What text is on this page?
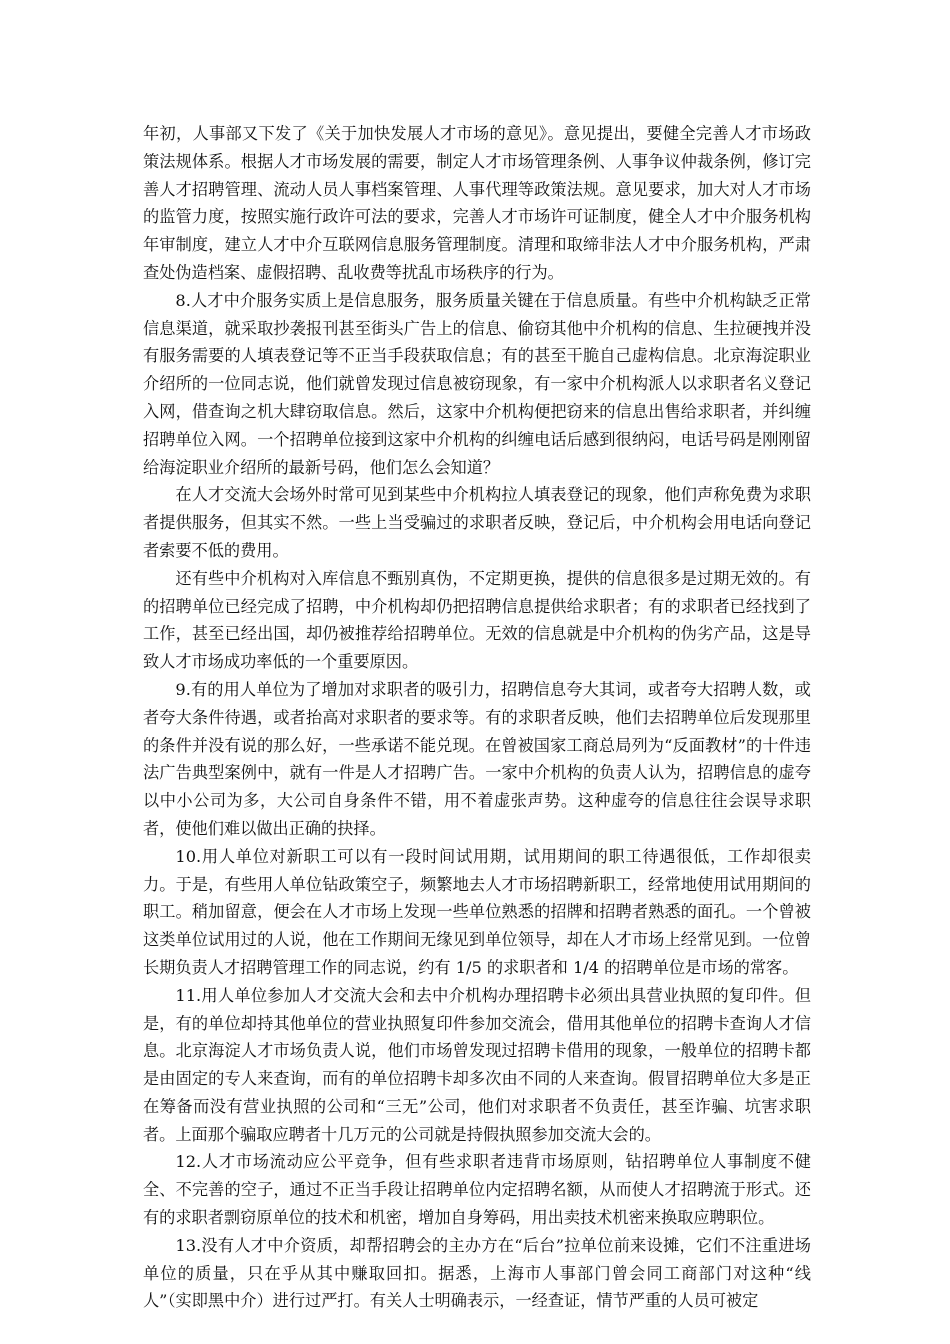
年初，人事部又下发了《关于加快发展人才市场的意见》。意见提出，要健全完善人才市场政策法规体系。根据人才市场发展的需要，制定人才市场管理条例、人事争议仲裁条例，修订完善人才招聘管理、流动人员人事档案管理、人事代理等政策法规。意见要求，加大对人才市场的监管力度，按照实施行政许可法的要求，完善人才市场许可证制度，健全人才中介服务机构年审制度，建立人才中介互联网信息服务管理制度。清理和取缔非法人才中介服务机构，严肃查处伪造档案、虚假招聘、乱收费等扰乱市场秩序的行为。

8.人才中介服务实质上是信息服务，服务质量关键在于信息质量。有些中介机构缺乏正常信息渠道，就采取抄袭报刊甚至街头广告上的信息、偷窃其他中介机构的信息、生拉硬拽并没有服务需要的人填表登记等不正当手段获取信息；有的甚至干脆自己虚构信息。北京海淀职业介绍所的一位同志说，他们就曾发现过信息被窃现象，有一家中介机构派人以求职者名义登记入网，借查询之机大肆窃取信息。然后，这家中介机构便把窃来的信息出售给求职者，并纠缠招聘单位入网。一个招聘单位接到这家中介机构的纠缠电话后感到很纳闷，电话号码是刚刚留给海淀职业介绍所的最新号码，他们怎么会知道？

在人才交流大会场外时常可见到某些中介机构拉人填表登记的现象，他们声称免费为求职者提供服务，但其实不然。一些上当受骗过的求职者反映，登记后，中介机构会用电话向登记者索要不低的费用。

还有些中介机构对入库信息不甄别真伪，不定期更换，提供的信息很多是过期无效的。有的招聘单位已经完成了招聘，中介机构却仍把招聘信息提供给求职者；有的求职者已经找到了工作，甚至已经出国，却仍被推荐给招聘单位。无效的信息就是中介机构的伪劣产品，这是导致人才市场成功率低的一个重要原因。

9.有的用人单位为了增加对求职者的吸引力，招聘信息夸大其词，或者夸大招聘人数，或者夸大条件待遇，或者抬高对求职者的要求等。有的求职者反映，他们去招聘单位后发现那里的条件并没有说的那么好，一些承诺不能兑现。在曾被国家工商总局列为“反面教材”的十件违法广告典型案例中，就有一件是人才招聘广告。一家中介机构的负责人认为，招聘信息的虚夸以中小公司为多，大公司自身条件不错，用不着虚张声势。这种虚夸的信息往往会误导求职者，使他们难以做出正确的抉择。

10.用人单位对新职工可以有一段时间试用期，试用期间的职工待遇很低，工作却很卖力。于是，有些用人单位钻政策空子，频繁地去人才市场招聘新职工，经常地使用试用期间的职工。稍加留意，便会在人才市场上发现一些单位熟悉的招牌和招聘者熟悉的面孔。一个曾被这类单位试用过的人说，他在工作期间无缘见到单位领导，却在人才市场上经常见到。一位曾长期负责人才招聘管理工作的同志说，约有 1/5 的求职者和 1/4 的招聘单位是市场的常客。

11.用人单位参加人才交流大会和去中介机构办理招聘卡必须出具营业执照的复印件。但是，有的单位却持其他单位的营业执照复印件参加交流会，借用其他单位的招聘卡查询人才信息。北京海淀人才市场负责人说，他们市场曾发现过招聘卡借用的现象，一般单位的招聘卡都是由固定的专人来查询，而有的单位招聘卡却多次由不同的人来查询。假冒招聘单位大多是正在筹备而没有营业执照的公司和“三无”公司，他们对求职者不负责任，甚至诈骗、坑害求职者。上面那个骗取应聘者十几万元的公司就是持假执照参加交流大会的。

12.人才市场流动应公平竞争，但有些求职者违背市场原则，钻招聘单位人事制度不健全、不完善的空子，通过不正当手段让招聘单位内定招聘名额，从而使人才招聘流于形式。还有的求职者剽窃原单位的技术和机密，增加自身筹码，用出卖技术机密来换取应聘职位。

13.没有人才中介资质，却帮招聘会的主办方在“后台”拉单位前来设摊，它们不注重进场单位的质量，只在乎从其中赚取回扣。据悉，上海市人事部门曾会同工商部门对这种“线人”（实即黑中介）进行过严打。有关人士明确表示，一经查证，情节严重的人员可被定
